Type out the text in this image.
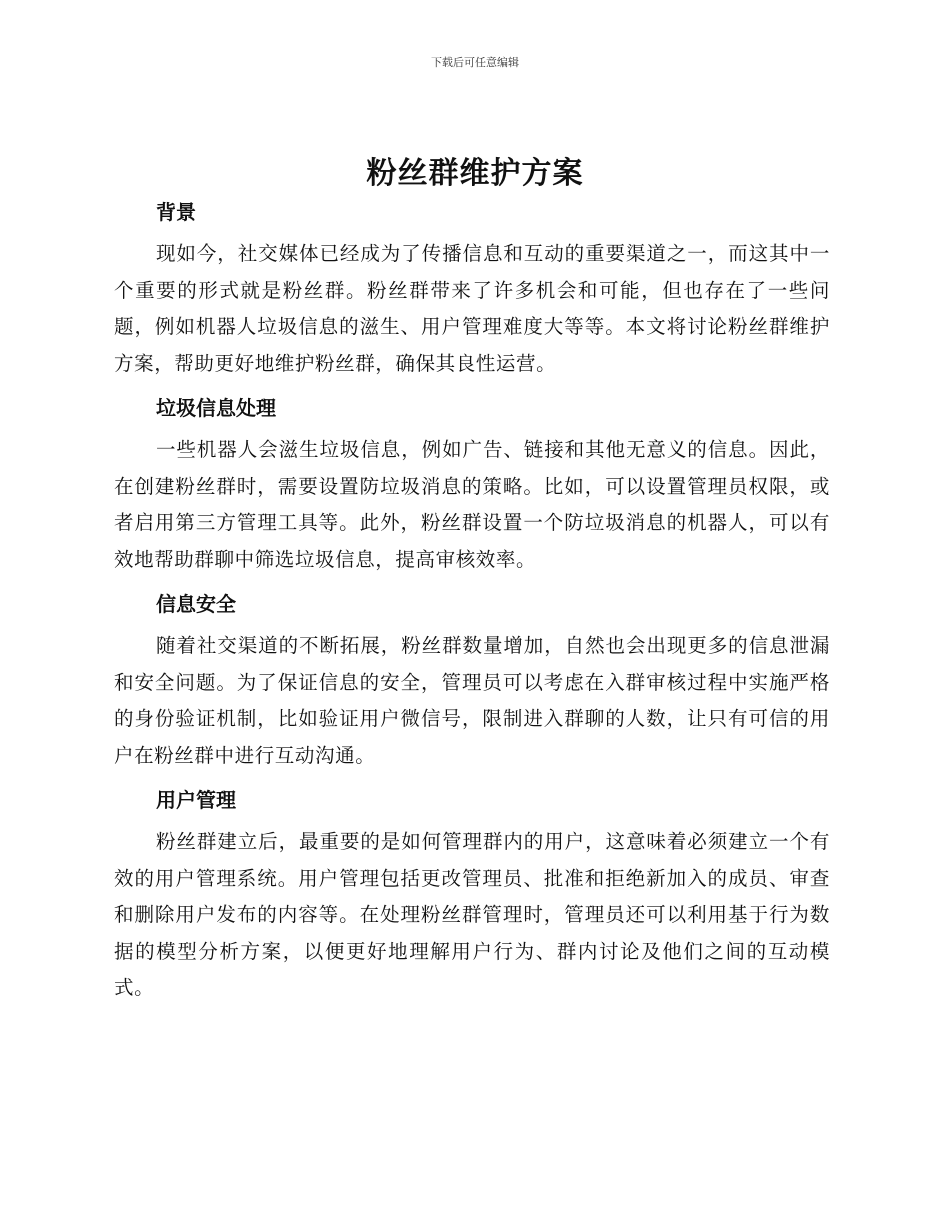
下载后可任意编辑
粉丝群维护方案
背景

现如今，社交媒体已经成为了传播信息和互动的重要渠道之一，而这其中一个重要的形式就是粉丝群。粉丝群带来了许多机会和可能，但也存在了一些问题，例如机器人垃圾信息的滋生、用户管理难度大等等。本文将讨论粉丝群维护方案，帮助更好地维护粉丝群，确保其良性运营。

垃圾信息处理

一些机器人会滋生垃圾信息，例如广告、链接和其他无意义的信息。因此，在创建粉丝群时，需要设置防垃圾消息的策略。比如，可以设置管理员权限，或者启用第三方管理工具等。此外，粉丝群设置一个防垃圾消息的机器人，可以有效地帮助群聊中筛选垃圾信息，提高审核效率。

信息安全

随着社交渠道的不断拓展，粉丝群数量增加，自然也会出现更多的信息泄漏和安全问题。为了保证信息的安全，管理员可以考虑在入群审核过程中实施严格的身份验证机制，比如验证用户微信号，限制进入群聊的人数，让只有可信的用户在粉丝群中进行互动沟通。

用户管理

粉丝群建立后，最重要的是如何管理群内的用户，这意味着必须建立一个有效的用户管理系统。用户管理包括更改管理员、批准和拒绝新加入的成员、审查和删除用户发布的内容等。在处理粉丝群管理时，管理员还可以利用基于行为数据的模型分析方案，以便更好地理解用户行为、群内讨论及他们之间的互动模式。
